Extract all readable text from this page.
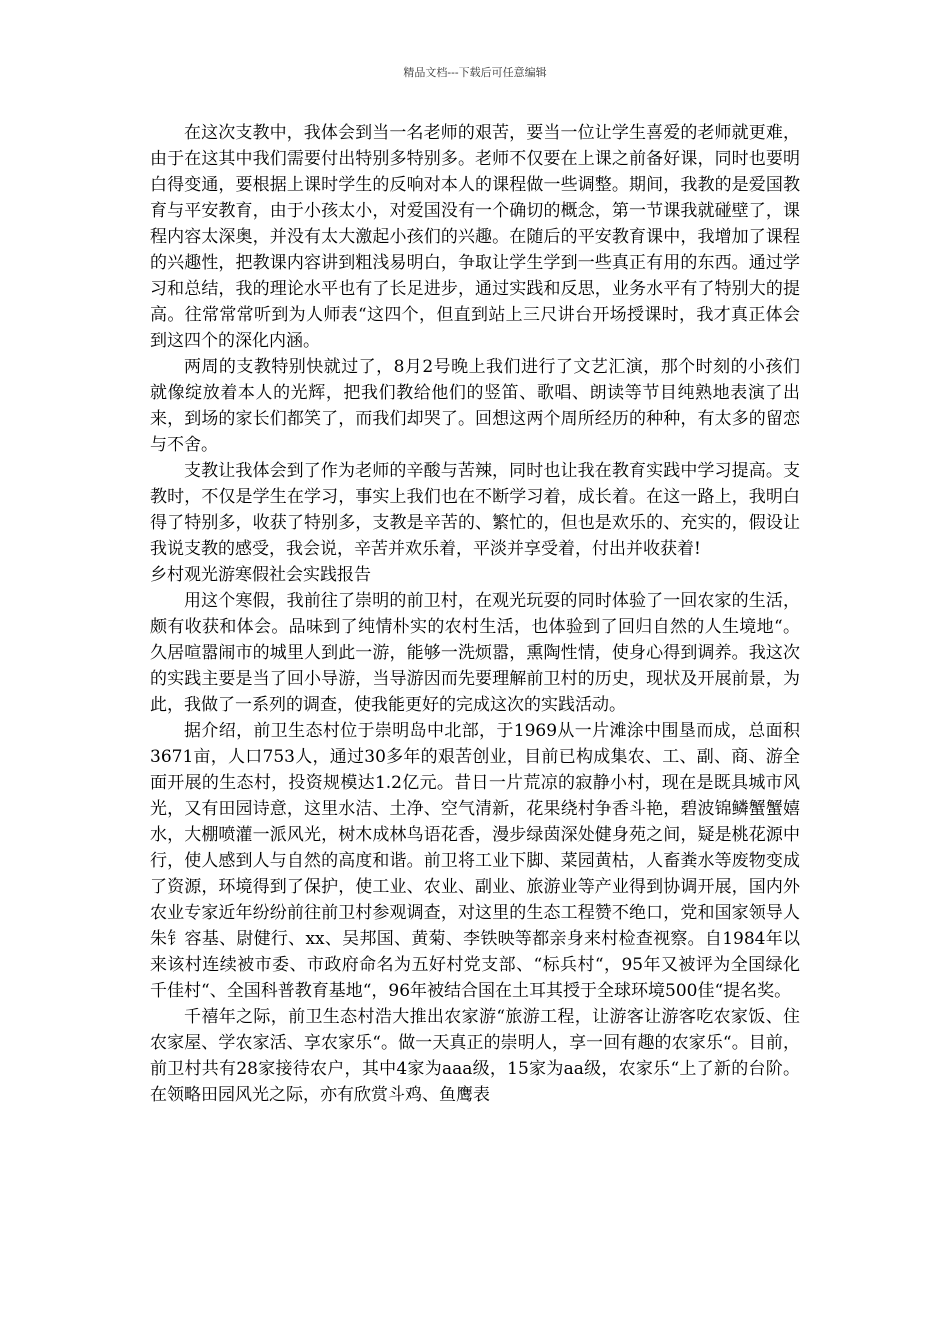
精品文档---下载后可任意编辑

在这次支教中，我体会到当一名老师的艰苦，要当一位让学生喜爱的老师就更难，由于在这其中我们需要付出特别多特别多。老师不仅要在上课之前备好课，同时也要明白得变通，要根据上课时学生的反响对本人的课程做一些调整。期间，我教的是爱国教育与平安教育，由于小孩太小，对爱国没有一个确切的概念，第一节课我就碰壁了，课程内容太深奥，并没有太大激起小孩们的兴趣。在随后的平安教育课中，我增加了课程的兴趣性，把教课内容讲到粗浅易明白，争取让学生学到一些真正有用的东西。通过学习和总结，我的理论水平也有了长足进步，通过实践和反思，业务水平有了特别大的提高。往常常常听到为人师表“这四个，但直到站上三尺讲台开场授课时，我才真正体会到这四个的深化内涵。

两周的支教特别快就过了，8月2号晚上我们进行了文艺汇演，那个时刻的小孩们就像绽放着本人的光辉，把我们教给他们的竖笛、歌唱、朗读等节目纯熟地表演了出来，到场的家长们都笑了，而我们却哭了。回想这两个周所经历的种种，有太多的留恋与不舍。

支教让我体会到了作为老师的辛酸与苦辣，同时也让我在教育实践中学习提高。支教时，不仅是学生在学习，事实上我们也在不断学习着，成长着。在这一路上，我明白得了特别多，收获了特别多，支教是辛苦的、繁忙的，但也是欢乐的、充实的，假设让我说支教的感受，我会说，辛苦并欢乐着，平淡并享受着，付出并收获着!

乡村观光游寒假社会实践报告

用这个寒假，我前往了崇明的前卫村，在观光玩耍的同时体验了一回农家的生活，颇有收获和体会。品味到了纯情朴实的农村生活，也体验到了回归自然的人生境地“。久居喧嚣闹市的城里人到此一游，能够一洗烦嚣，熏陶性情，使身心得到调养。我这次的实践主要是当了回小导游，当导游因而先要理解前卫村的历史，现状及开展前景，为此，我做了一系列的调查，使我能更好的完成这次的实践活动。

据介绍，前卫生态村位于崇明岛中北部，于1969从一片滩涂中围垦而成，总面积3671亩，人口753人，通过30多年的艰苦创业，目前已构成集农、工、副、商、游全面开展的生态村，投资规模达1.2亿元。昔日一片荒凉的寂静小村，现在是既具城市风光，又有田园诗意，这里水洁、土净、空气清新，花果绕村争香斗艳，碧波锦鳞蟹蟹嬉水，大棚喷灌一派风光，树木成林鸟语花香，漫步绿茵深处健身苑之间，疑是桃花源中行，使人感到人与自然的高度和谐。前卫将工业下脚、菜园黄枯，人畜粪水等废物变成了资源，环境得到了保护，使工业、农业、副业、旅游业等产业得到协调开展，国内外农业专家近年纷纷前往前卫村参观调查，对这里的生态工程赞不绝口，党和国家领导人朱钅容基、尉健行、xx、吴邦国、黄菊、李铁映等都亲身来村检查视察。自1984年以来该村连续被市委、市政府命名为五好村党支部、“标兵村“，95年又被评为全国绿化千佳村“、全国科普教育基地“，96年被结合国在土耳其授于全球环境500佳“提名奖。

千禧年之际，前卫生态村浩大推出农家游“旅游工程，让游客让游客吃农家饭、住农家屋、学农家活、享农家乐“。做一天真正的崇明人，享一回有趣的农家乐“。目前，前卫村共有28家接待农户，其中4家为aaa级，15家为aa级，农家乐“上了新的台阶。在领略田园风光之际，亦有欣赏斗鸡、鱼鹰表
